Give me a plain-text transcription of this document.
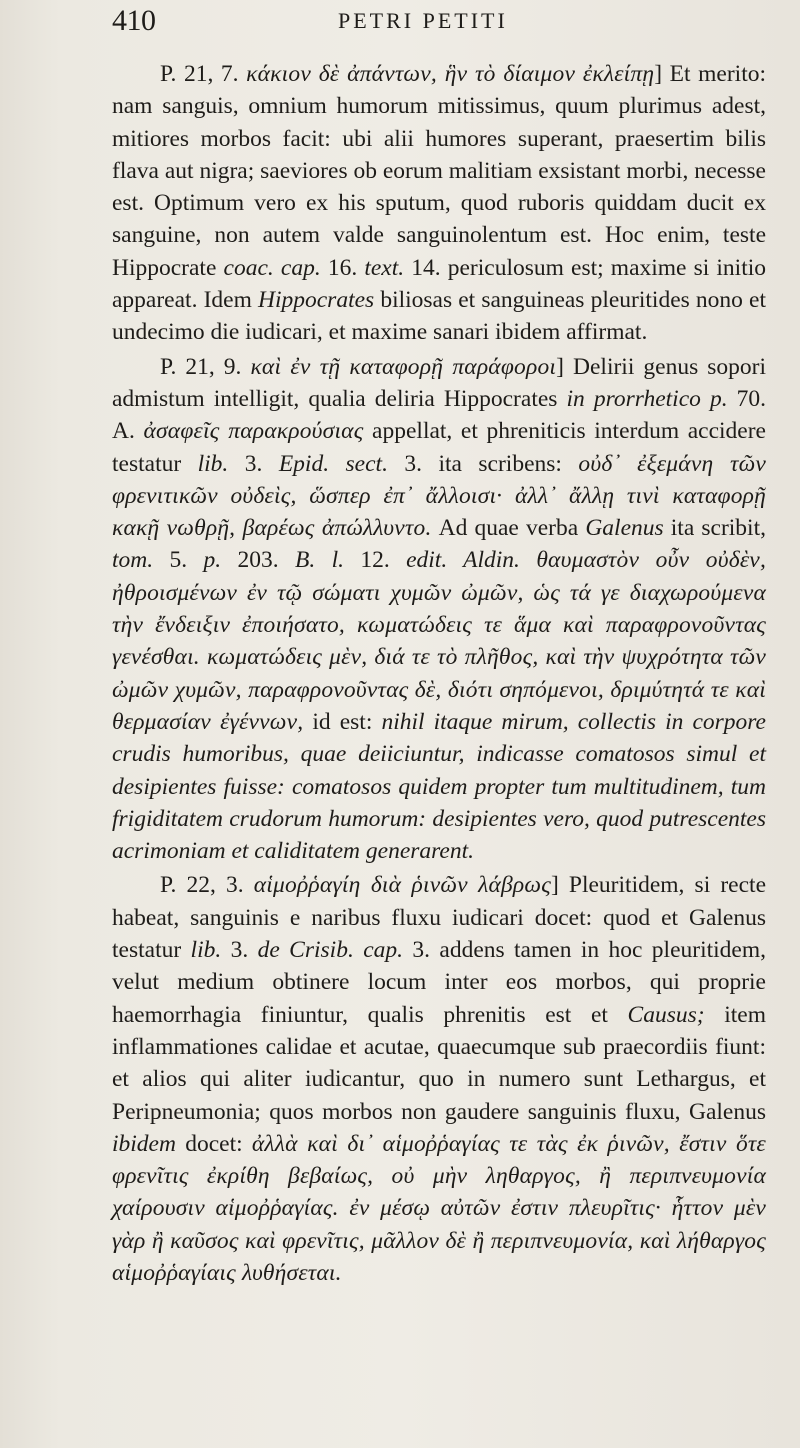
410	PETRI PETITI

P. 21, 7. κάκιον δὲ ἀπάντων, ἣν τὸ δίαιμον ἐκλείπῃ] Et merito: nam sanguis, omnium humorum mitissimus, quum plurimus adest, mitiores morbos facit: ubi alii humores superant, praesertim bilis flava aut nigra; saeviores ob eorum malitiam exsistant morbi, necesse est. Optimum vero ex his sputum, quod ruboris quiddam ducit ex sanguine, non autem valde sanguinolentum est. Hoc enim, teste Hippocrate coac. cap. 16. text. 14. periculosum est; maxime si initio appareat. Idem Hippocrates biliosas et sanguineas pleuritides nono et undecimo die iudicari, et maxime sanari ibidem affirmat.

P. 21, 9. καὶ ἐν τῇ καταφορῇ παράφοροι] Delirii genus sopori admistum intelligit, qualia deliria Hippocrates in prorrhetico p. 70. A. ἀσαφεῖς παρακρούσιας appellat, et phreniticis interdum accidere testatur lib. 3. Epid. sect. 3. ita scribens: οὐδ᾽ ἐξεμάνη τῶν φρενιτικῶν οὐδεὶς, ὥσπερ ἐπ᾽ ἄλλοισι· ἀλλ᾽ ἄλλῃ τινὶ καταφορῇ κακῇ νωθρῇ, βαρέως ἀπώλλυντο. Ad quae verba Galenus ita scribit, tom. 5. p. 203. B. l. 12. edit. Aldin. θαυμαστὸν οὖν οὐδὲν, ἠθροισμένων ἐν τῷ σώματι χυμῶν ὠμῶν, ὡς τά γε διαχωρούμενα τὴν ἔνδειξιν ἐποιήσατο, κωματώδεις τε ἅμα καὶ παραφρονοῦντας γενέσθαι. κωματώδεις μὲν, διά τε τὸ πλῆθος, καὶ τὴν ψυχρότητα τῶν ὠμῶν χυμῶν, παραφρονοῦντας δὲ, διότι σηπόμενοι, δριμύτητά τε καὶ θερμασίαν ἐγέννων, id est: nihil itaque mirum, collectis in corpore crudis humoribus, quae deiiciuntur, indicasse comatosos simul et desipientes fuisse: comatosos quidem propter tum multitudinem, tum frigiditatem crudorum humorum: desipientes vero, quod putrescentes acrimoniam et caliditatem generarent.

P. 22, 3. αἱμοῤῥαγίη διὰ ῥινῶν λάβρως] Pleuritidem, si recte habeat, sanguinis e naribus fluxu iudicari docet: quod et Galenus testatur lib. 3. de Crisib. cap. 3. addens tamen in hoc pleuritidem, velut medium obtinere locum inter eos morbos, qui proprie haemorrhagia finiuntur, qualis phrenitis est et Causus; item inflammationes calidae et acutae, quaecumque sub praecordiis fiunt: et alios qui aliter iudicantur, quo in numero sunt Lethargus, et Peripneumonia; quos morbos non gaudere sanguinis fluxu, Galenus ibidem docet: ἀλλὰ καὶ δι᾽ αἱμοῤῥαγίας τε τὰς ἐκ ῥινῶν, ἔστιν ὅτε φρενῖτις ἐκρίθη βεβαίως, οὐ μὴν ληθαργος, ἢ περιπνευμονία χαίρουσιν αἱμοῤῥαγίας. ἐν μέσῳ αὐτῶν ἐστιν πλευρῖτις· ἧττον μὲν γὰρ ἢ καῦσος καὶ φρενῖτις, μᾶλλον δὲ ἢ περιπνευμονία, καὶ λήθαργος αἱμοῤῥαγίαις λυθήσεται.
